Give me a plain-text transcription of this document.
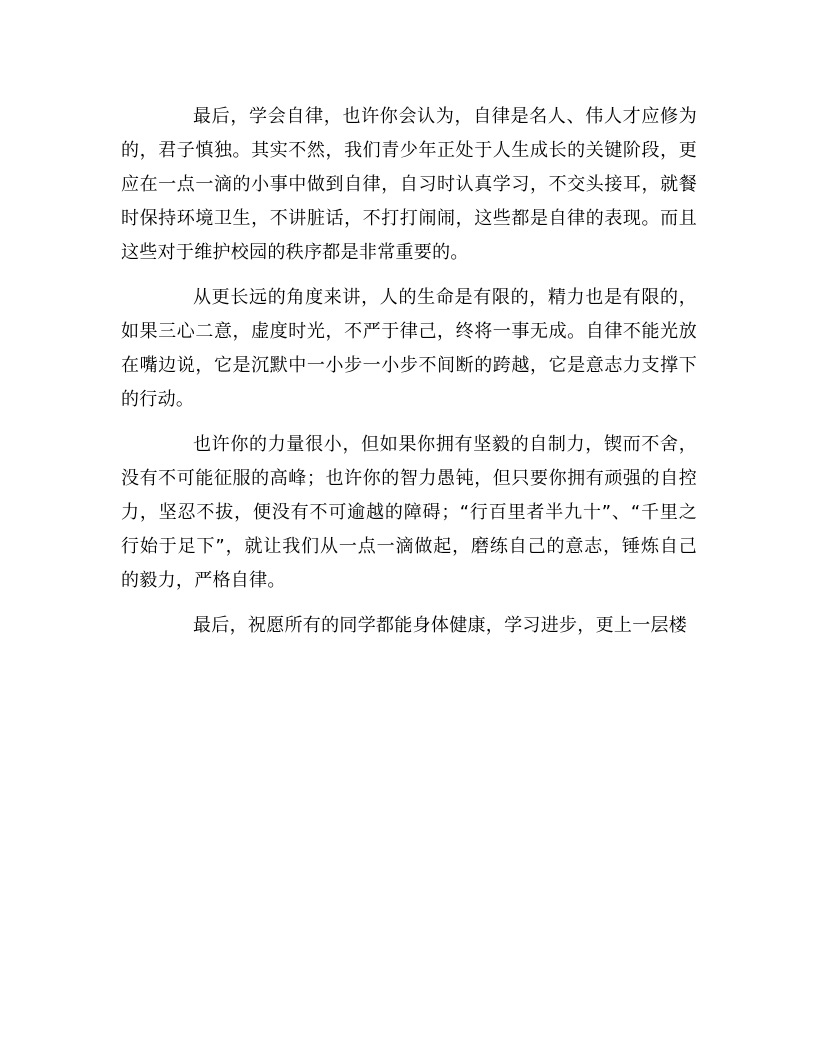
最后，学会自律，也许你会认为，自律是名人、伟人才应修为的，君子慎独。其实不然，我们青少年正处于人生成长的关键阶段，更应在一点一滴的小事中做到自律，自习时认真学习，不交头接耳，就餐时保持环境卫生，不讲脏话，不打打闹闹，这些都是自律的表现。而且这些对于维护校园的秩序都是非常重要的。

从更长远的角度来讲，人的生命是有限的，精力也是有限的，如果三心二意，虚度时光，不严于律己，终将一事无成。自律不能光放在嘴边说，它是沉默中一小步一小步不间断的跨越，它是意志力支撑下的行动。

也许你的力量很小，但如果你拥有坚毅的自制力，锲而不舍，没有不可能征服的高峰；也许你的智力愚钝，但只要你拥有顽强的自控力，坚忍不拔，便没有不可逾越的障碍；“行百里者半九十”、“千里之行始于足下”，就让我们从一点一滴做起，磨练自己的意志，锤炼自己的毅力，严格自律。

最后，祝愿所有的同学都能身体健康，学习进步，更上一层楼
